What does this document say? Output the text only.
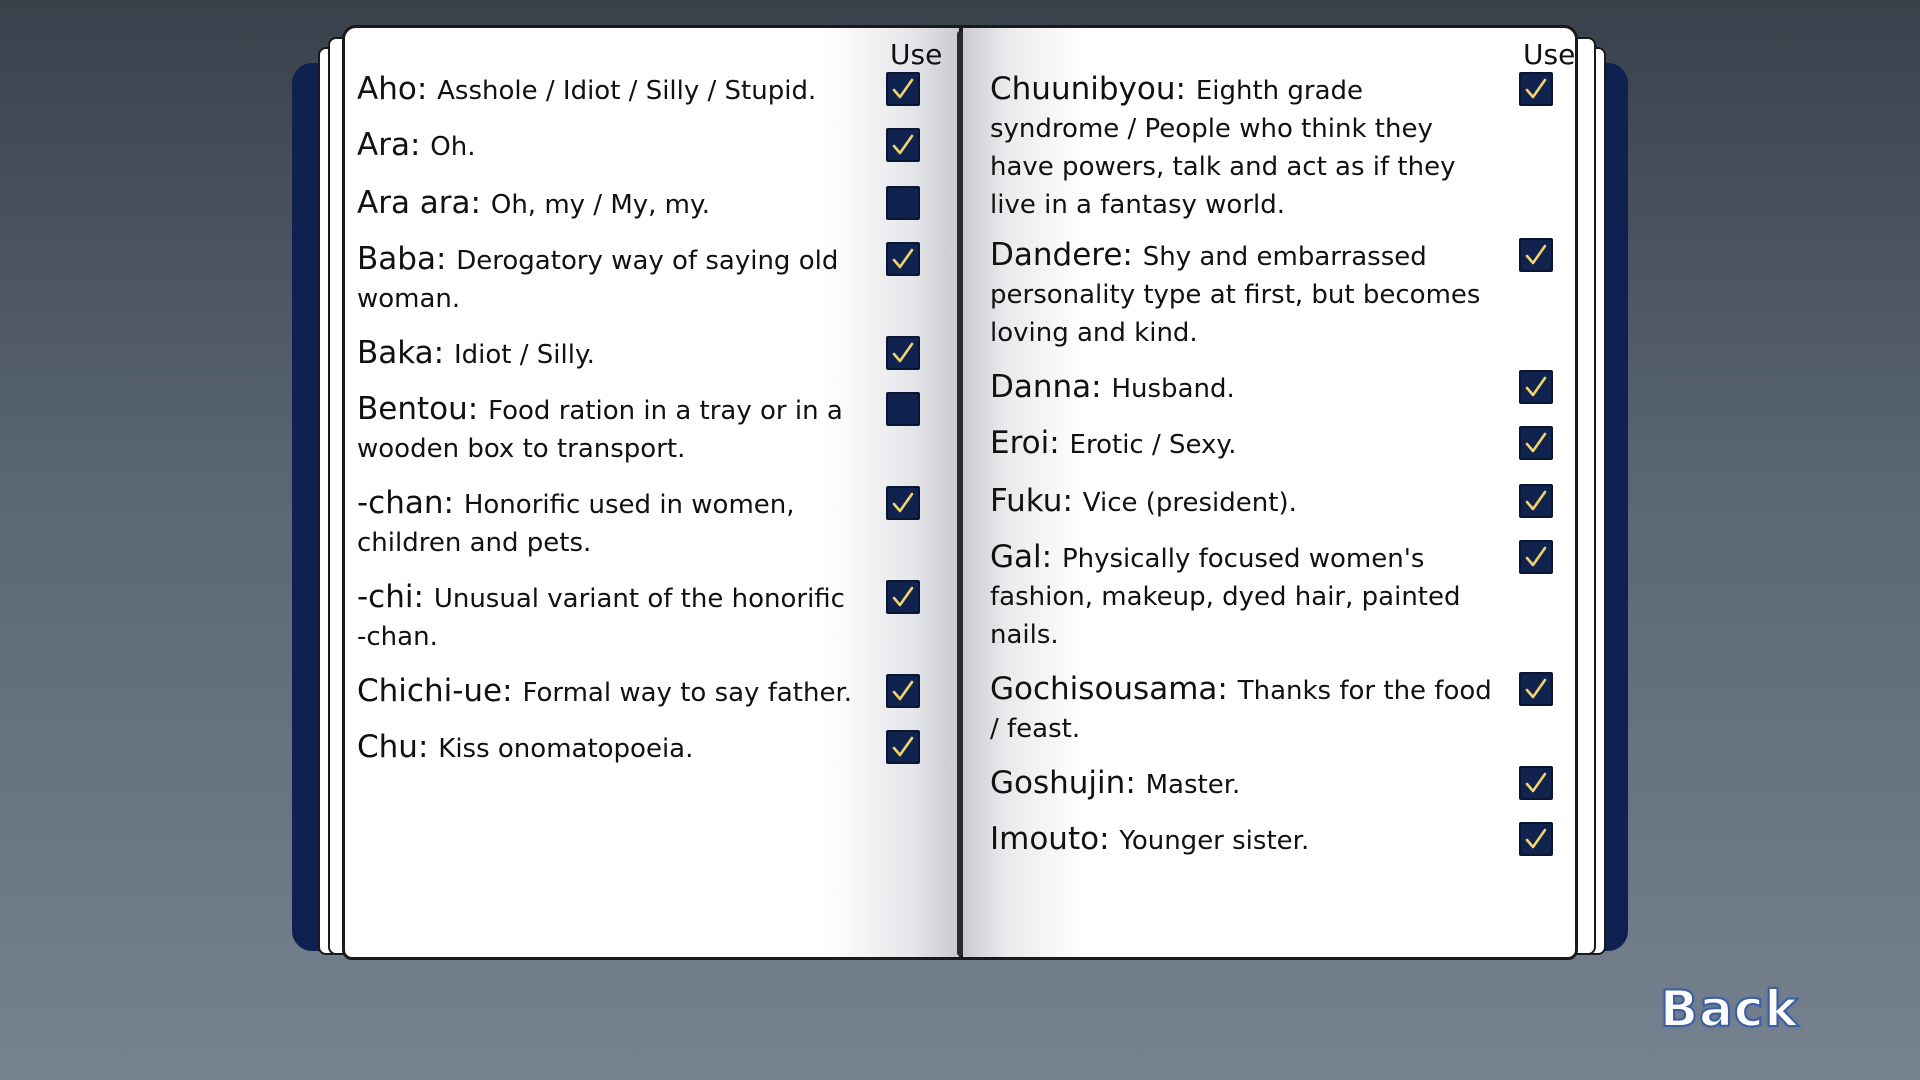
Use	Use
Aho: Asshole / Idiot / Silly / Stupid.
Ara: Oh.
Ara ara: Oh, my / My, my.
Baba: Derogatory way of saying old woman.
Baka: Idiot / Silly.
Bentou: Food ration in a tray or in a wooden box to transport.
-chan: Honorific used in women, children and pets.
-chi: Unusual variant of the honorific -chan.
Chichi-ue: Formal way to say father.
Chu: Kiss onomatopoeia.
Chuunibyou: Eighth grade syndrome / People who think they have powers, talk and act as if they live in a fantasy world.
Dandere: Shy and embarrassed personality type at first, but becomes loving and kind.
Danna: Husband.
Eroi: Erotic / Sexy.
Fuku: Vice (president).
Gal: Physically focused women's fashion, makeup, dyed hair, painted nails.
Gochisousama: Thanks for the food / feast.
Goshujin: Master.
Imouto: Younger sister.
Back
